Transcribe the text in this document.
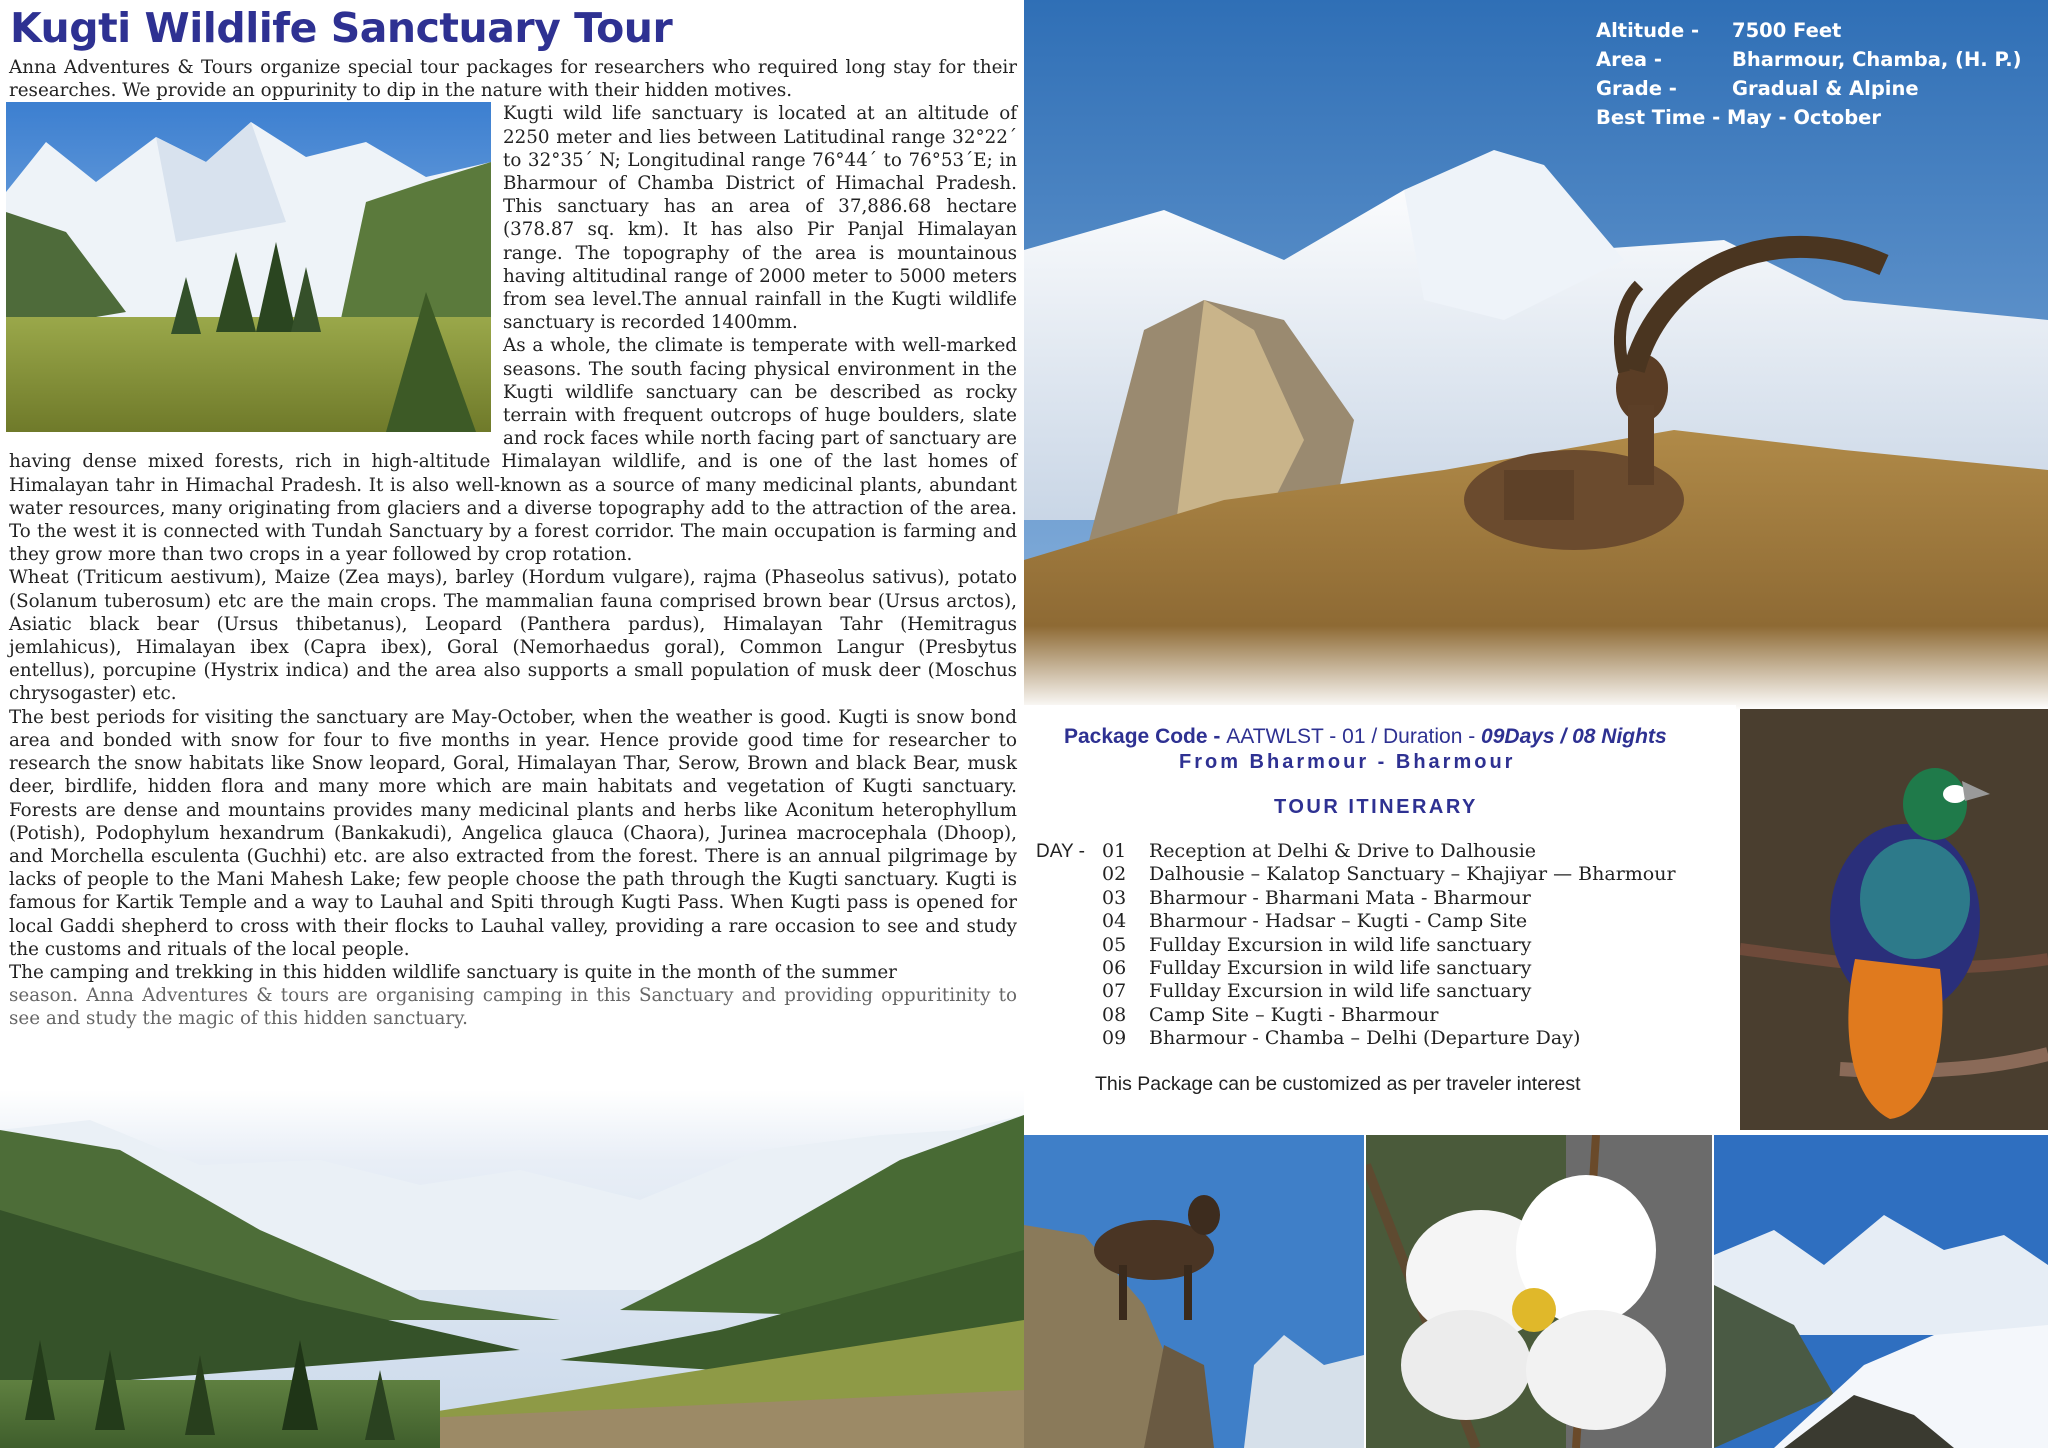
Kugti Wildlife Sanctuary Tour

Anna Adventures & Tours organize special tour packages for researchers who required long stay for their researches. We provide an oppurinity to dip in the nature with their hidden motives.

Kugti wild life sanctuary is located at an altitude of 2250 meter and lies between Latitudinal range 32°22´ to 32°35´ N; Longitudinal range 76°44´ to 76°53´E; in Bharmour of Chamba District of Himachal Pradesh. This sanctuary has an area of 37,886.68 hectare (378.87 sq. km). It has also Pir Panjal Himalayan range. The topography of the area is mountainous having altitudinal range of 2000 meter to 5000 meters from sea level.The annual rainfall in the Kugti wildlife sanctuary is recorded 1400mm.

As a whole, the climate is temperate with well-marked seasons. The south facing physical environment in the Kugti wildlife sanctuary can be described as rocky terrain with frequent outcrops of huge boulders, slate and rock faces while north facing part of sanctuary are having dense mixed forests, rich in high-altitude Himalayan wildlife, and is one of the last homes of Himalayan tahr in Himachal Pradesh. It is also well-known as a source of many medicinal plants, abundant water resources, many originating from glaciers and a diverse topography add to the attraction of the area. To the west it is connected with Tundah Sanctuary by a forest corridor. The main occupation is farming and they grow more than two crops in a year followed by crop rotation.

Wheat (Triticum aestivum), Maize (Zea mays), barley (Hordum vulgare), rajma (Phaseolus sativus), potato (Solanum tuberosum) etc are the main crops. The mammalian fauna comprised brown bear (Ursus arctos), Asiatic black bear (Ursus thibetanus), Leopard (Panthera pardus), Himalayan Tahr (Hemitragus jemlahicus), Himalayan ibex (Capra ibex), Goral (Nemorhaedus goral), Common Langur (Presbytus entellus), porcupine (Hystrix indica) and the area also supports a small population of musk deer (Moschus chrysogaster) etc.

The best periods for visiting the sanctuary are May-October, when the weather is good. Kugti is snow bond area and bonded with snow for four to five months in year. Hence provide good time for researcher to research the snow habitats like Snow leopard, Goral, Himalayan Thar, Serow, Brown and black Bear, musk deer, birdlife, hidden flora and many more which are main habitats and vegetation of Kugti sanctuary. Forests are dense and mountains provides many medicinal plants and herbs like Aconitum heterophyllum (Potish), Podophylum hexandrum (Bankakudi), Angelica glauca (Chaora), Jurinea macrocephala (Dhoop), and Morchella esculenta (Guchhi) etc. are also extracted from the forest. There is an annual pilgrimage by lacks of people to the Mani Mahesh Lake; few people choose the path through the Kugti sanctuary. Kugti is famous for Kartik Temple and a way to Lauhal and Spiti through Kugti Pass. When Kugti pass is opened for local Gaddi shepherd to cross with their flocks to Lauhal valley, providing a rare occasion to see and study the customs and rituals of the local people.

The camping and trekking in this hidden wildlife sanctuary is quite in the month of the summer

season. Anna Adventures & tours are organising camping in this Sanctuary and providing oppuritinity to see and study the magic of this hidden sanctuary.

Altitude -	7500 Feet
Area -	Bharmour, Chamba, (H. P.)
Grade -	Gradual & Alpine
Best Time - May - October
Package Code - AATWLST - 01 / Duration - 09Days / 08 Nights
From Bharmour - Bharmour
TOUR ITINERARY
DAY - 01 Reception at Delhi & Drive to Dalhousie
02 Dalhousie – Kalatop Sanctuary – Khajiyar — Bharmour
03 Bharmour - Bharmani Mata - Bharmour
04 Bharmour - Hadsar – Kugti - Camp Site
05 Fullday Excursion in wild life sanctuary
06 Fullday Excursion in wild life sanctuary
07 Fullday Excursion in wild life sanctuary
08 Camp Site – Kugti - Bharmour
09 Bharmour - Chamba – Delhi (Departure Day)
This Package can be customized as per traveler interest
